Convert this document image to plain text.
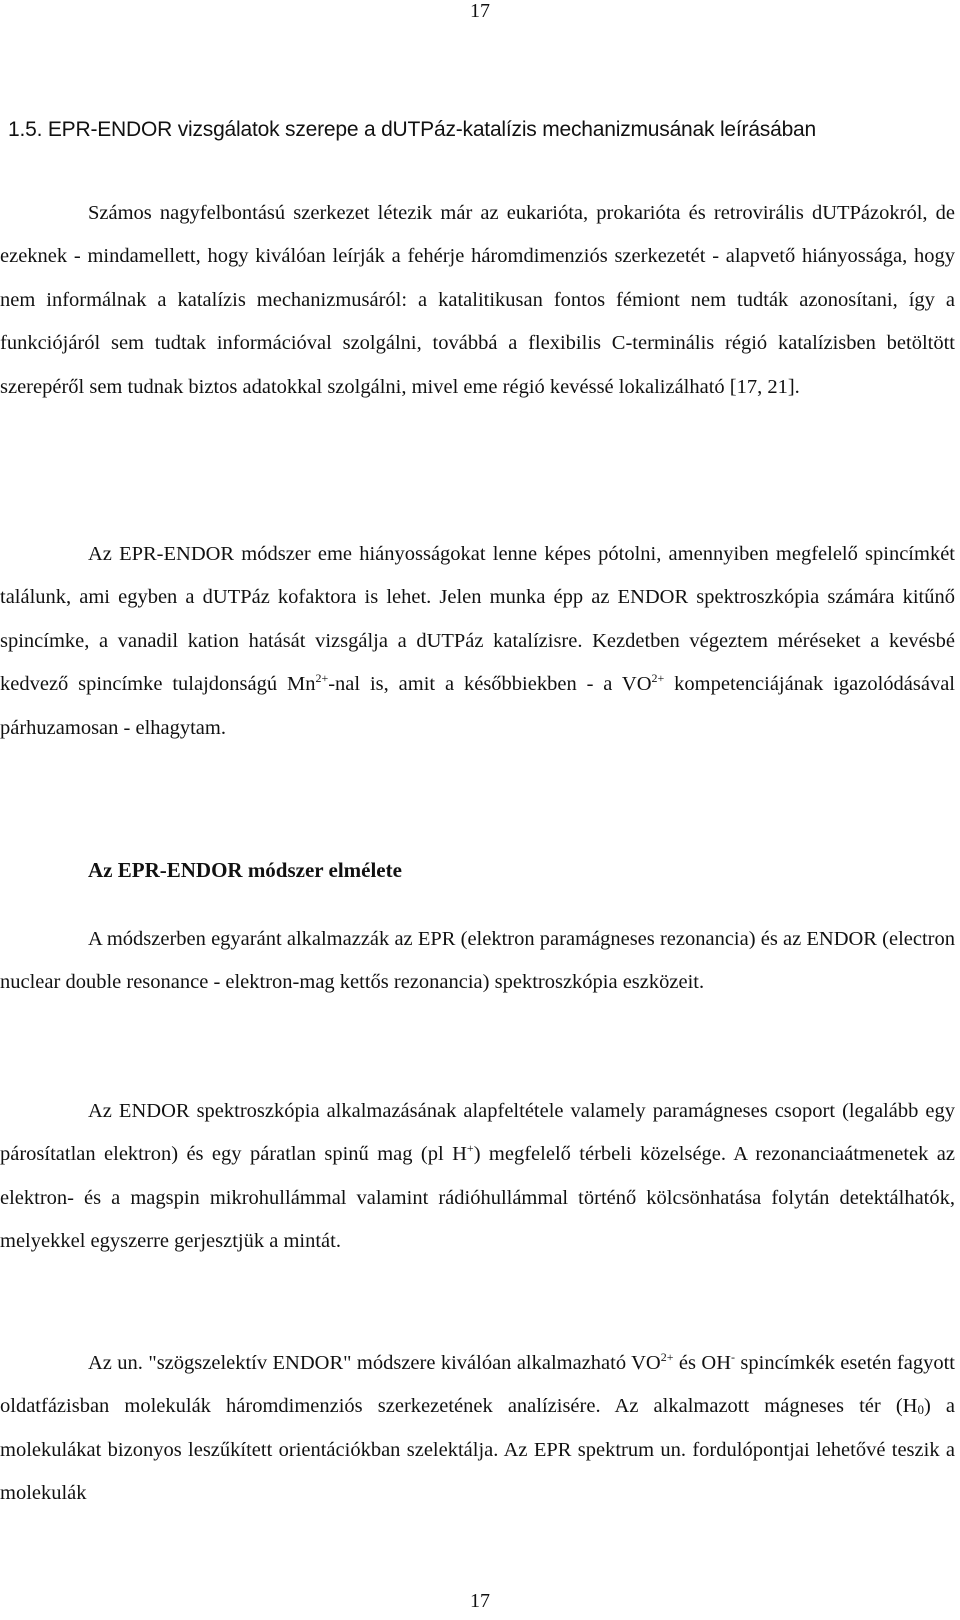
17
1.5. EPR-ENDOR vizsgálatok szerepe a dUTPáz-katalízis mechanizmusának leírásában

Számos nagyfelbontású szerkezet létezik már az eukarióta, prokarióta és retrovirális dUTPázokról, de ezeknek - mindamellett, hogy kiválóan leírják a fehérje háromdimenziós szerkezetét - alapvető hiányossága, hogy nem informálnak a katalízis mechanizmusáról: a katalitikusan fontos fémiont nem tudták azonosítani, így a funkciójáról sem tudtak információval szolgálni, továbbá a flexibilis C-terminális régió katalízisben betöltött szerepéről sem tudnak biztos adatokkal szolgálni, mivel eme régió kevéssé lokalizálható [17, 21].

Az EPR-ENDOR módszer eme hiányosságokat lenne képes pótolni, amennyiben megfelelő spincímkét találunk, ami egyben a dUTPáz kofaktora is lehet. Jelen munka épp az ENDOR spektroszkópia számára kitűnő spincímke, a vanadil kation hatását vizsgálja a dUTPáz katalízisre. Kezdetben végeztem méréseket a kevésbé kedvező spincímke tulajdonságú $Mn^{2+}$-nal is, amit a későbbiekben - a $VO^{2+}$ kompetenciájának igazolódásával párhuzamosan - elhagytam.

Az EPR-ENDOR módszer elmélete

A módszerben egyaránt alkalmazzák az EPR (elektron paramágneses rezonancia) és az ENDOR (electron nuclear double resonance - elektron-mag kettős rezonancia) spektroszkópia eszközeit.

Az ENDOR spektroszkópia alkalmazásának alapfeltétele valamely paramágneses csoport (legalább egy párosítatlan elektron) és egy páratlan spinű mag (pl H+) megfelelő térbeli közelsége. A rezonanciaátmenetek az elektron- és a magspin mikrohullámmal valamint rádióhullámmal történő kölcsönhatása folytán detektálhatók, melyekkel egyszerre gerjesztjük a mintát.

Az un. "szögszelektív ENDOR" módszere kiválóan alkalmazható $VO^{2+}$ és OH- spincímkék esetén fagyott oldatfázisban molekulák háromdimenziós szerkezetének analízisére. Az alkalmazott mágneses tér $(H_0)$ a molekulákat bizonyos leszűkített orientációkban szelektálja. Az EPR spektrum un. fordulópontjai lehetővé teszik a molekulák

17
